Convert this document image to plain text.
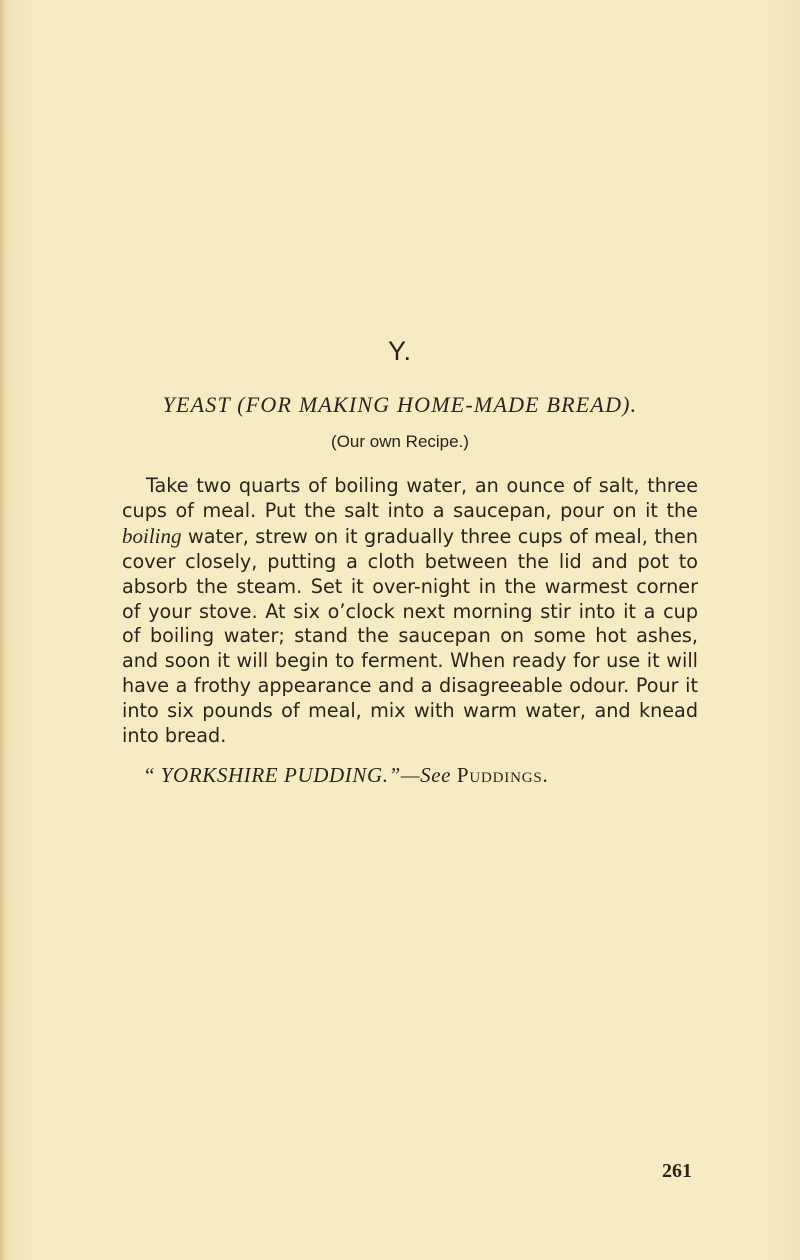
Y.
YEAST (FOR MAKING HOME-MADE BREAD).
(Our own Recipe.)

Take two quarts of boiling water, an ounce of salt, three cups of meal. Put the salt into a saucepan, pour on it the boiling water, strew on it gradually three cups of meal, then cover closely, putting a cloth between the lid and pot to absorb the steam. Set it over-night in the warmest corner of your stove. At six o’clock next morning stir into it a cup of boiling water; stand the saucepan on some hot ashes, and soon it will begin to ferment. When ready for use it will have a frothy appearance and a disagreeable odour. Pour it into six pounds of meal, mix with warm water, and knead into bread.

“ YORKSHIRE PUDDING.”—See Puddings.
261
